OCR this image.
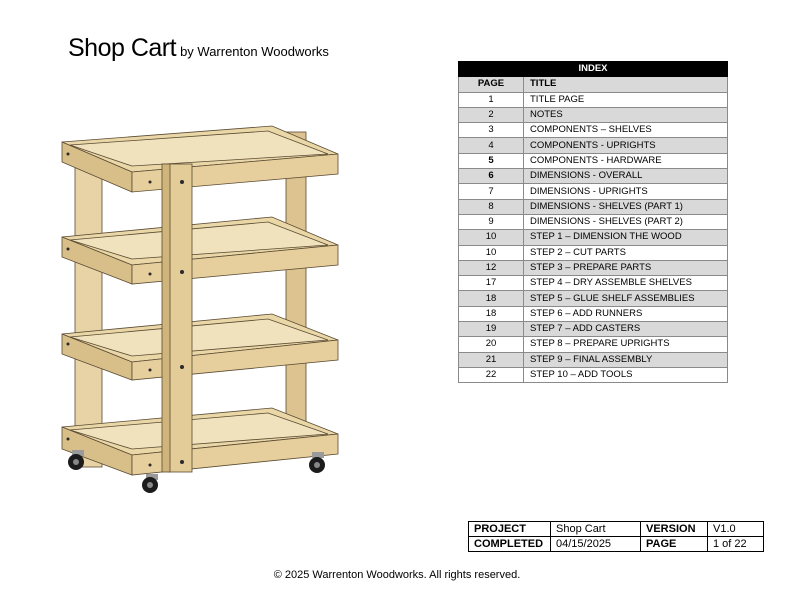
Shop Cart by Warrenton Woodworks
INDEX	
PAGE	TITLE
1	TITLE PAGE
2	NOTES
3	COMPONENTS – SHELVES
4	COMPONENTS - UPRIGHTS
5	COMPONENTS - HARDWARE
6	DIMENSIONS - OVERALL
7	DIMENSIONS - UPRIGHTS
8	DIMENSIONS - SHELVES (PART 1)
9	DIMENSIONS - SHELVES (PART 2)
10	STEP 1 – DIMENSION THE WOOD
10	STEP 2 – CUT PARTS
12	STEP 3 – PREPARE PARTS
17	STEP 4 – DRY ASSEMBLE SHELVES
18	STEP 5 – GLUE SHELF ASSEMBLIES
18	STEP 6 – ADD RUNNERS
19	STEP 7 – ADD CASTERS
20	STEP 8 – PREPARE UPRIGHTS
21	STEP 9 – FINAL ASSEMBLY
22	STEP 10 – ADD TOOLS
PROJECT	Shop Cart	VERSION	V1.0
COMPLETED	04/15/2025	PAGE	1 of 22
© 2025 Warrenton Woodworks. All rights reserved.
